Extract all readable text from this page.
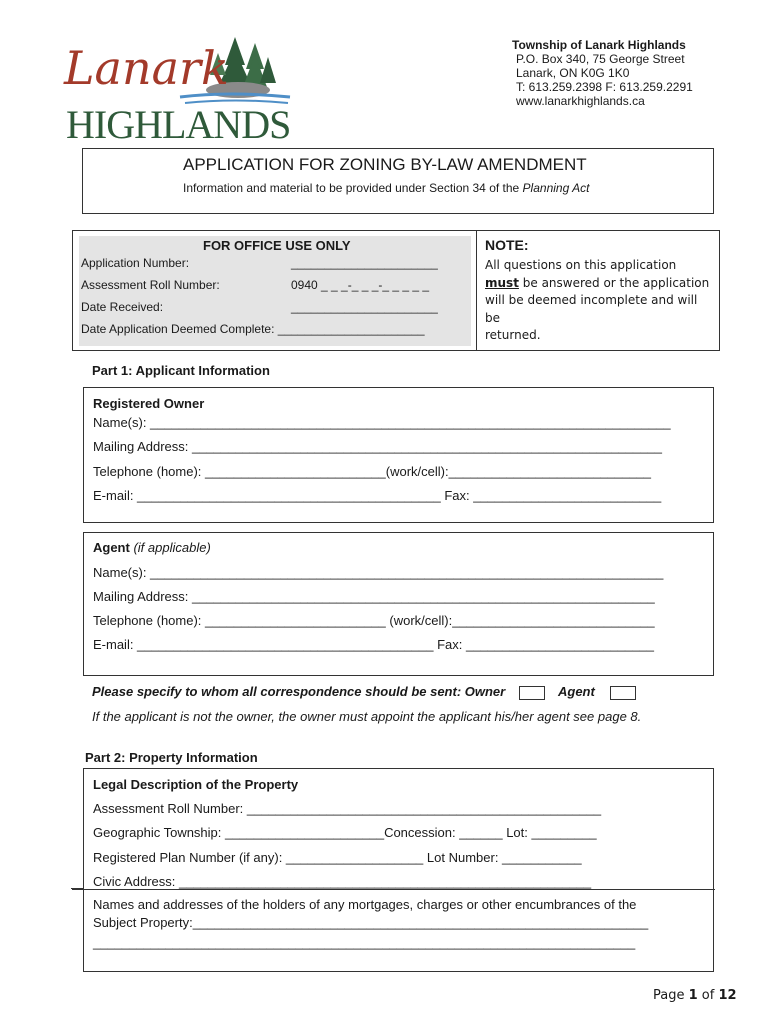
Lanark
HIGHLANDS
Township of Lanark Highlands
P.O. Box 340, 75 George Street
Lanark, ON K0G 1K0
T: 613.259.2398 F: 613.259.2291
www.lanarkhighlands.ca
APPLICATION FOR ZONING BY-LAW AMENDMENT
Information and material to be provided under Section 34 of the Planning Act
FOR OFFICE USE ONLY
Application Number:	______________________
Assessment Roll Number:	0940 _ _ _-_ _ _-_ _ _ _ _
Date Received:	______________________
Date Application Deemed Complete: ______________________
NOTE:
All questions on this application
must be answered or the application
will be deemed incomplete and will be
returned.
Part 1: Applicant Information
Registered Owner
Name(s): ________________________________________________________________________
Mailing Address: _________________________________________________________________
Telephone (home): _________________________(work/cell):____________________________
E-mail: __________________________________________ Fax: __________________________
Agent (if applicable)
Name(s): _______________________________________________________________________
Mailing Address: ________________________________________________________________
Telephone (home): _________________________ (work/cell):____________________________
E-mail: _________________________________________ Fax: __________________________
Please specify to whom all correspondence should be sent: Owner	Agent
If the applicant is not the owner, the owner must appoint the applicant his/her agent see page 8.
Part 2: Property Information
Legal Description of the Property
Assessment Roll Number: _________________________________________________
Geographic Township: ______________________Concession: ______ Lot: _________
Registered Plan Number (if any): ___________________ Lot Number: ___________
Civic Address: _________________________________________________________
Names and addresses of the holders of any mortgages, charges or other encumbrances of the
Subject Property:_______________________________________________________________
___________________________________________________________________________
Page 1 of 12
